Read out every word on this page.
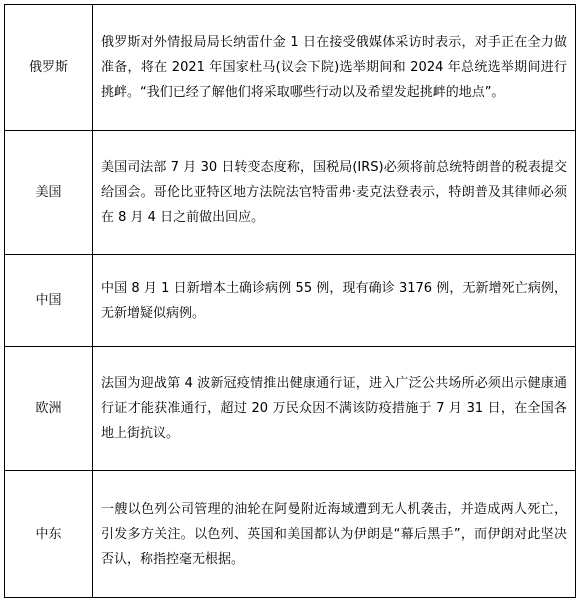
俄罗斯	俄罗斯对外情报局局长纳雷什金 1 日在接受俄媒体采访时表示，对手正在全力做准备，将在 2021 年国家杜马(议会下院)选举期间和 2024 年总统选举期间进行挑衅。“我们已经了解他们将采取哪些行动以及希望发起挑衅的地点”。
美国	美国司法部 7 月 30 日转变态度称，国税局(IRS)必须将前总统特朗普的税表提交给国会。哥伦比亚特区地方法院法官特雷弗·麦克法登表示，特朗普及其律师必须在 8 月 4 日之前做出回应。
中国	中国 8 月 1 日新增本土确诊病例 55 例，现有确诊 3176 例，无新增死亡病例，无新增疑似病例。
欧洲	法国为迎战第 4 波新冠疫情推出健康通行证，进入广泛公共场所必须出示健康通行证才能获准通行，超过 20 万民众因不满该防疫措施于 7 月 31 日，在全国各地上街抗议。
中东	一艘以色列公司管理的油轮在阿曼附近海域遭到无人机袭击，并造成两人死亡，引发多方关注。以色列、英国和美国都认为伊朗是“幕后黑手”，而伊朗对此坚决否认，称指控毫无根据。
